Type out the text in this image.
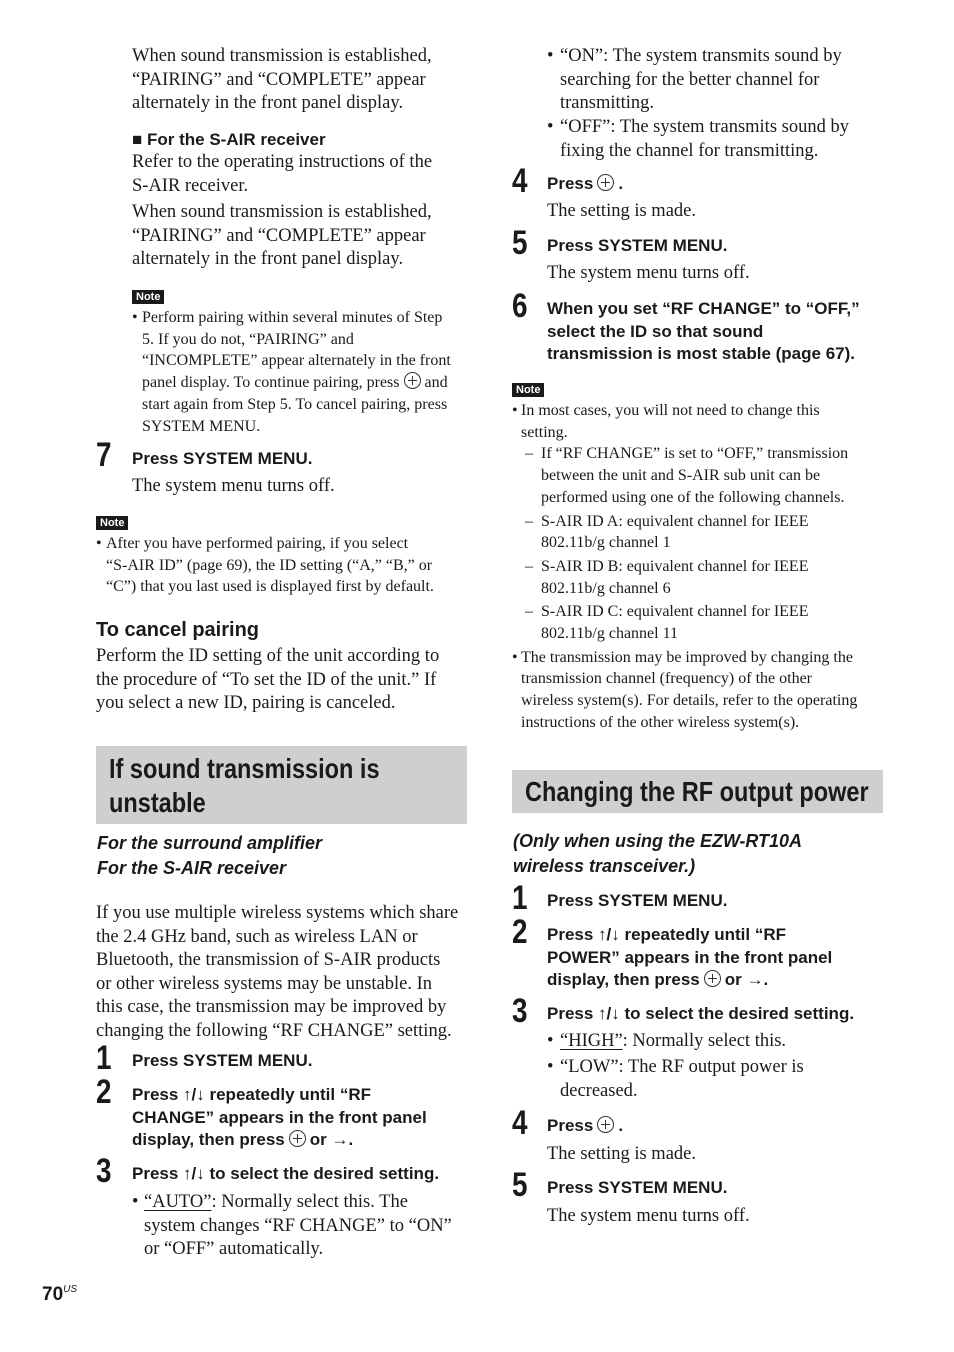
When sound transmission is established,
“PAIRING” and “COMPLETE” appear
alternately in the front panel display.
■ For the S-AIR receiver
Refer to the operating instructions of the
S-AIR receiver.
When sound transmission is established,
“PAIRING” and “COMPLETE” appear
alternately in the front panel display.
Note
• Perform pairing within several minutes of Step
5. If you do not, “PAIRING” and
“INCOMPLETE” appear alternately in the front
panel display. To continue pairing, press and
start again from Step 5. To cancel pairing, press
SYSTEM MENU.
7 Press SYSTEM MENU.
The system menu turns off.
Note
• After you have performed pairing, if you select
“S-AIR ID” (page 69), the ID setting (“A,” “B,” or
“C”) that you last used is displayed first by default.
To cancel pairing
Perform the ID setting of the unit according to
the procedure of “To set the ID of the unit.” If
you select a new ID, pairing is canceled.
If sound transmission is
unstable
For the surround amplifier
For the S-AIR receiver
If you use multiple wireless systems which share
the 2.4 GHz band, such as wireless LAN or
Bluetooth, the transmission of S-AIR products
or other wireless systems may be unstable. In
this case, the transmission may be improved by
changing the following “RF CHANGE” setting.
1 Press SYSTEM MENU.
2 Press ↑/↓ repeatedly until “RF
CHANGE” appears in the front panel
display, then press or →.
3 Press ↑/↓ to select the desired setting.
• “AUTO”: Normally select this. The
system changes “RF CHANGE” to “ON”
or “OFF” automatically.
$70^{US}$
• “ON”: The system transmits sound by
searching for the better channel for
transmitting.
• “OFF”: The system transmits sound by
fixing the channel for transmitting.
4 Press .
The setting is made.
5 Press SYSTEM MENU.
The system menu turns off.
6 When you set “RF CHANGE” to “OFF,”
select the ID so that sound
transmission is most stable (page 67).
Note
• In most cases, you will not need to change this
setting.
– If “RF CHANGE” is set to “OFF,” transmission
between the unit and S-AIR sub unit can be
performed using one of the following channels.
– S-AIR ID A: equivalent channel for IEEE
802.11b/g channel 1
– S-AIR ID B: equivalent channel for IEEE
802.11b/g channel 6
– S-AIR ID C: equivalent channel for IEEE
802.11b/g channel 11
• The transmission may be improved by changing the
transmission channel (frequency) of the other
wireless system(s). For details, refer to the operating
instructions of the other wireless system(s).
Changing the RF output power
(Only when using the EZW-RT10A
wireless transceiver.)
1 Press SYSTEM MENU.
2 Press ↑/↓ repeatedly until “RF
POWER” appears in the front panel
display, then press or →.
3 Press ↑/↓ to select the desired setting.
• “HIGH”: Normally select this.
• “LOW”: The RF output power is
decreased.
4 Press .
The setting is made.
5 Press SYSTEM MENU.
The system menu turns off.
